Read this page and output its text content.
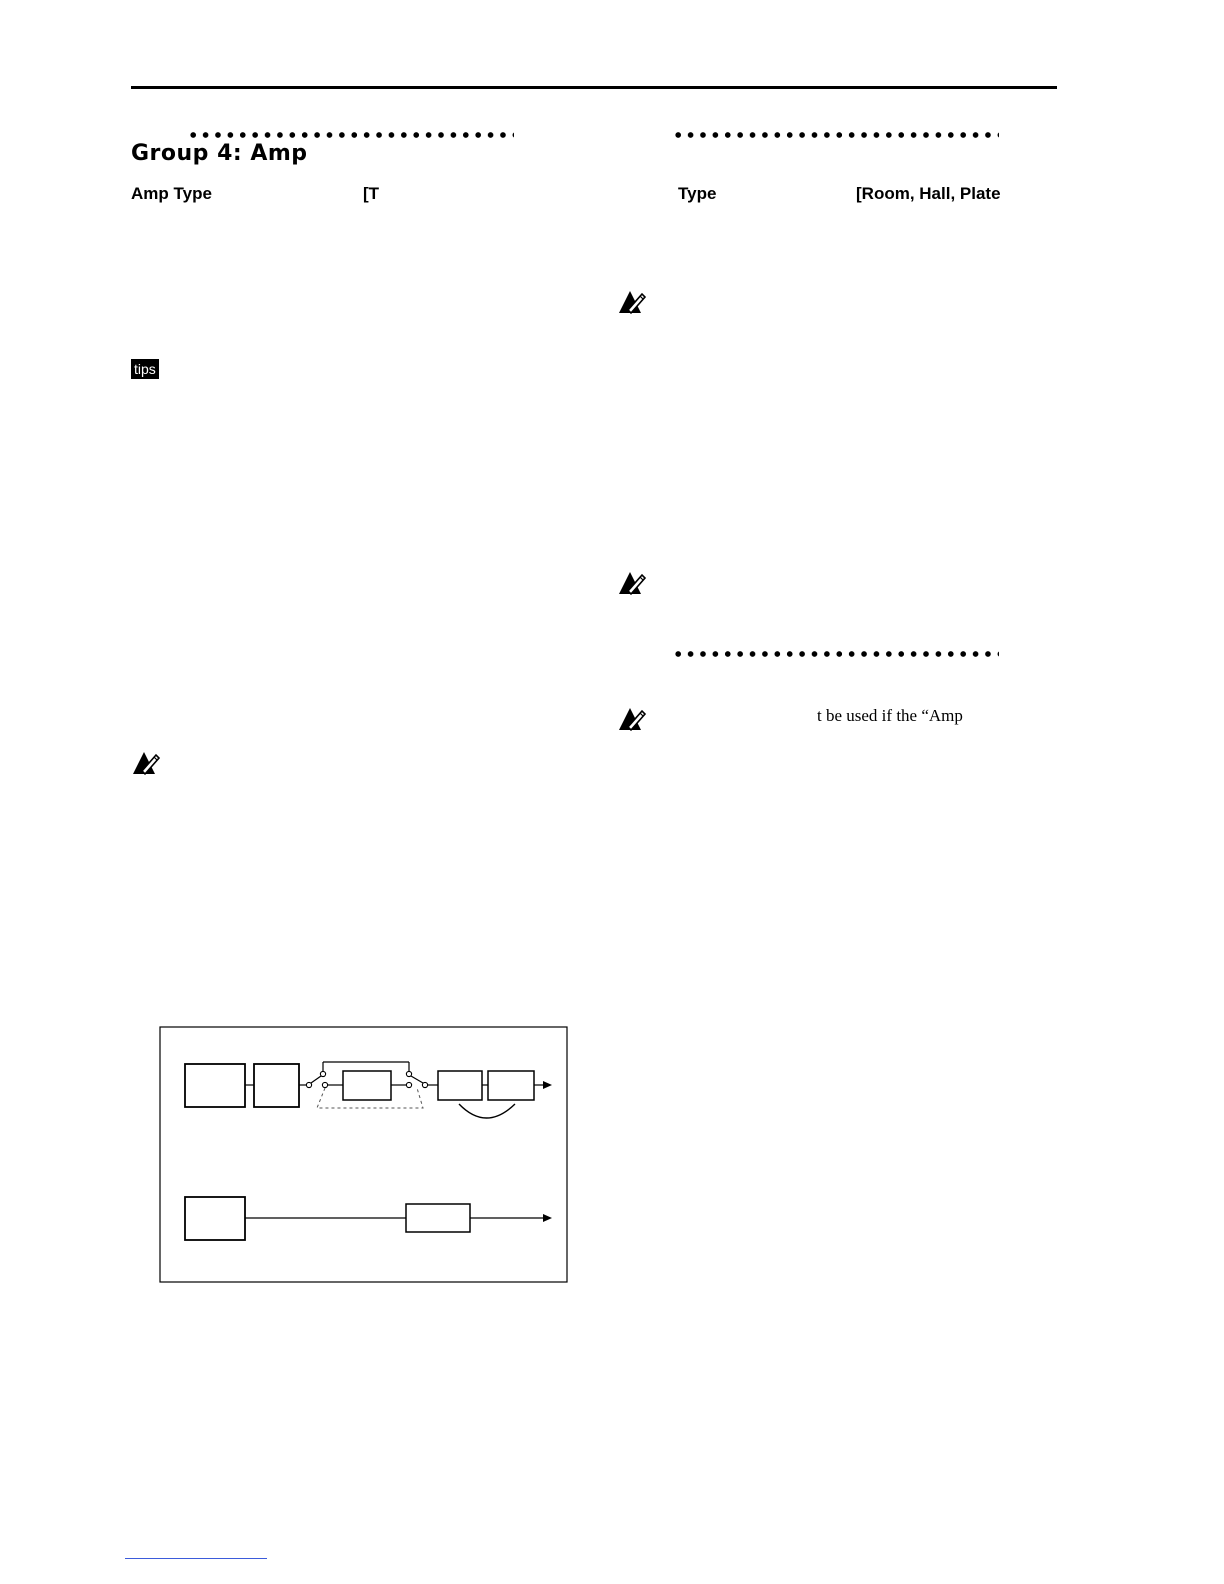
Group 4: Amp
Amp Type	[T
tips
Type	[Room, Hall, Plate
t be used if the “Amp
